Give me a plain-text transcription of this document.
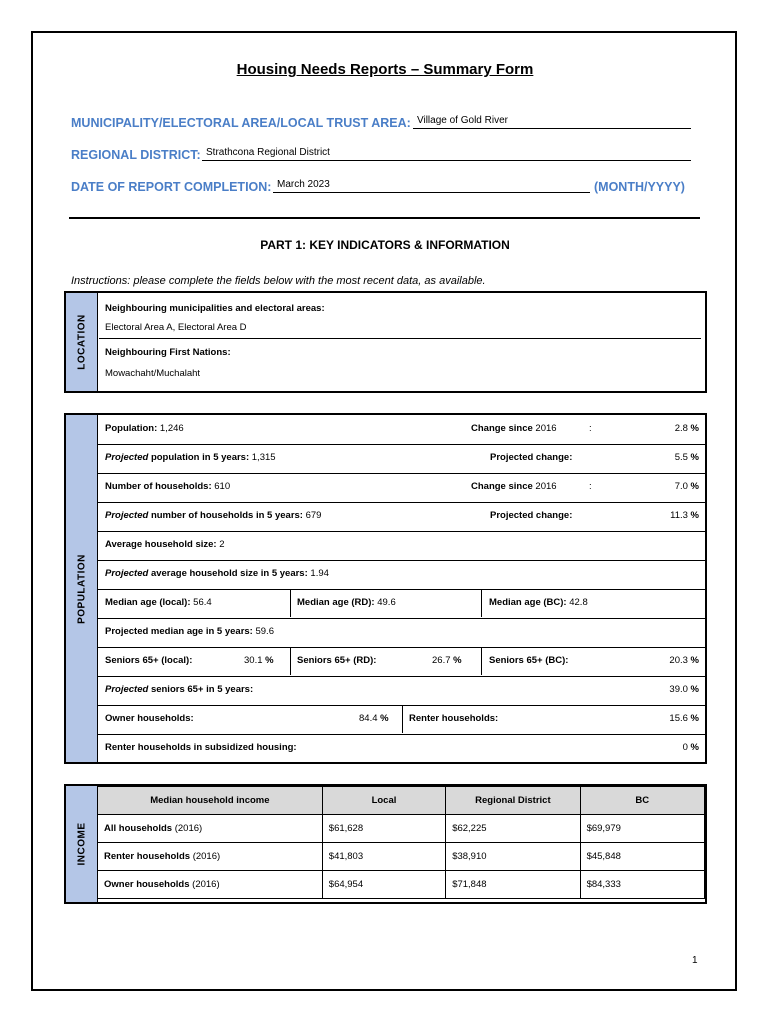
Housing Needs Reports – Summary Form
MUNICIPALITY/ELECTORAL AREA/LOCAL TRUST AREA: Village of Gold River
REGIONAL DISTRICT: Strathcona Regional District
DATE OF REPORT COMPLETION: March 2023	(MONTH/YYYY)
PART 1: KEY INDICATORS & INFORMATION
Instructions: please complete the fields below with the most recent data, as available.
LOCATION
Neighbouring municipalities and electoral areas:
Electoral Area A, Electoral Area D
Neighbouring First Nations:
Mowachaht/Muchalaht
POPULATION
Population: 1,246	Change since 2016	:	2.8 %
Projected population in 5 years: 1,315	Projected change:	5.5 %
Number of households: 610	Change since 2016	:	7.0 %
Projected number of households in 5 years: 679	Projected change:	11.3 %
Average household size: 2
Projected average household size in 5 years: 1.94
Median age (local): 56.4	Median age (RD): 49.6	Median age (BC): 42.8
Projected median age in 5 years: 59.6
Seniors 65+ (local):	30.1 % Seniors 65+ (RD):	26.7 %	Seniors 65+ (BC):	20.3 %
Projected seniors 65+ in 5 years:	39.0 %
Owner households:	84.4 % Renter households:	15.6 %
Renter households in subsidized housing:	0 %
INCOME
Median household income	Local	Regional District	BC
All households (2016)	$61,628	$62,225	$69,979
Renter households (2016)	$41,803	$38,910	$45,848
Owner households (2016)	$64,954	$71,848	$84,333
1
